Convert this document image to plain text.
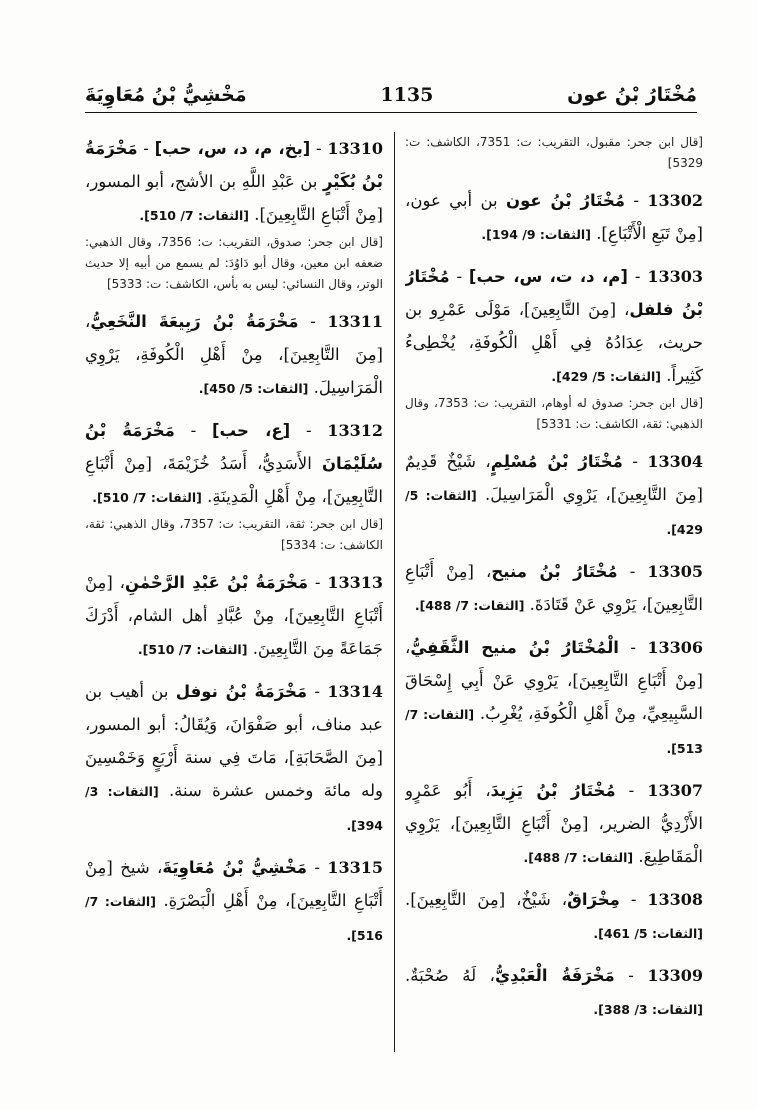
مُخْتَارُ بْنُ عون
1135
مَخْشِيُّ بْنُ مُعَاوِيَةَ
[قال ابن جحر: مقبول، التقريب: ت: 7351، الكاشف: ت: 5329]
13302 - مُخْتَارُ بْنُ عون بن أبي عون، [مِنْ تَبَعِ الْأَتْبَاعِ]. [الثقات: 9/ 194].
13303 - [م، د، ت، س، حب] - مُخْتَارُ بْنُ فلفل، [مِنَ التَّابِعِينَ]، مَوْلَى عَمْرِو بن حريث، عِدَادُهُ فِي أَهْلِ الْكُوفَةِ، يُخْطِىءُ كَثِيراً. [الثقات: 5/ 429].
[قال ابن جحر: صدوق له أوهام، التقريب: ت: 7353، وقال الذهبي: ثقة، الكاشف: ت: 5331]
13304 - مُخْتَارُ بْنُ مُسْلِمٍ، شَيْخٌ قَدِيمٌ [مِنَ التَّابِعِينَ]، يَرْوِي الْمَرَاسِيلَ. [الثقات: 5/ 429].
13305 - مُخْتَارُ بْنُ منيح، [مِنْ أَتْبَاعِ التَّابِعِينَ]، يَرْوِي عَنْ قَتَادَةَ. [الثقات: 7/ 488].
13306 - الْمُخْتَارُ بْنُ منيح الثَّقَفِيُّ، [مِنْ أَتْبَاعِ التَّابِعِينَ]، يَرْوِي عَنْ أَبِي إِسْحَاقَ السَّبِيعِيِّ، مِنْ أَهْلِ الْكُوفَةِ، يُغْرِبُ. [الثقات: 7/ 513].
13307 - مُخْتَارُ بْنُ يَزِيدَ، أَبُو عَمْرٍو الأَزْدِيُّ الضرير، [مِنْ أَتْبَاعِ التَّابِعِينَ]، يَرْوِي الْمَقَاطِيعَ. [الثقات: 7/ 488].
13308 - مِخْرَاقٌ، شَيْخٌ، [مِنَ التَّابِعِينَ]. [الثقات: 5/ 461].
13309 - مَخْرَفَةُ الْعَبْدِيُّ، لَهُ صُحْبَةٌ. [الثقات: 3/ 388].
13310 - [بخ، م، د، س، حب] - مَخْرَمَةُ بْنُ بُكَيْرٍ بن عَبْدِ اللَّهِ بن الأشج، أبو المسور، [مِنْ أَتْبَاعِ التَّابِعِينَ]. [الثقات: 7/ 510].
[قال ابن جحر: صدوق، التقريب: ت: 7356، وقال الذهبي: ضعفه ابن معين، وقال أبو دَاوُدَ: لم يسمع من أبيه إلا حديث الوتر، وقال النسائي: ليس به بأس، الكاشف: ت: 5333]
13311 - مَخْرَمَةُ بْنُ رَبِيعَةَ النَّخَعِيُّ، [مِنَ التَّابِعِينَ]، مِنْ أَهْلِ الْكُوفَةِ، يَرْوِي الْمَرَاسِيلَ. [الثقات: 5/ 450].
13312 - [ع، حب] - مَخْرَمَةُ بْنُ سُلَيْمَانَ الأَسَدِيُّ، أَسَدُ خُزَيْمَةَ، [مِنْ أَتْبَاعِ التَّابِعِينَ]، مِنْ أَهْلِ الْمَدِينَةِ. [الثقات: 7/ 510].
[قال ابن جحر: ثقة، التقريب: ت: 7357، وقال الذهبي: ثقة، الكاشف: ت: 5334]
13313 - مَخْرَمَةُ بْنُ عَبْدِ الرَّحْمٰنِ، [مِنْ أَتْبَاعِ التَّابِعِينَ]، مِنْ عُبَّادِ أهل الشام، أَدْرَكَ جَمَاعَةً مِنَ التَّابِعِينَ. [الثقات: 7/ 510].
13314 - مَخْرَمَةُ بْنُ نوفل بن أهيب بن عبد مناف، أبو صَفْوَانَ، وَيُقَالُ: أبو المسور، [مِنَ الصَّحَابَةِ]، مَاتَ فِي سنة أَرْبَعٍ وَخَمْسِينَ وله مائة وخمس عشرة سنة. [الثقات: 3/ 394].
13315 - مَخْشِيُّ بْنُ مُعَاوِيَةَ، شيخ [مِنْ أَتْبَاعِ التَّابِعِينَ]، مِنْ أَهْلِ الْبَصْرَةِ. [الثقات: 7/ 516].
